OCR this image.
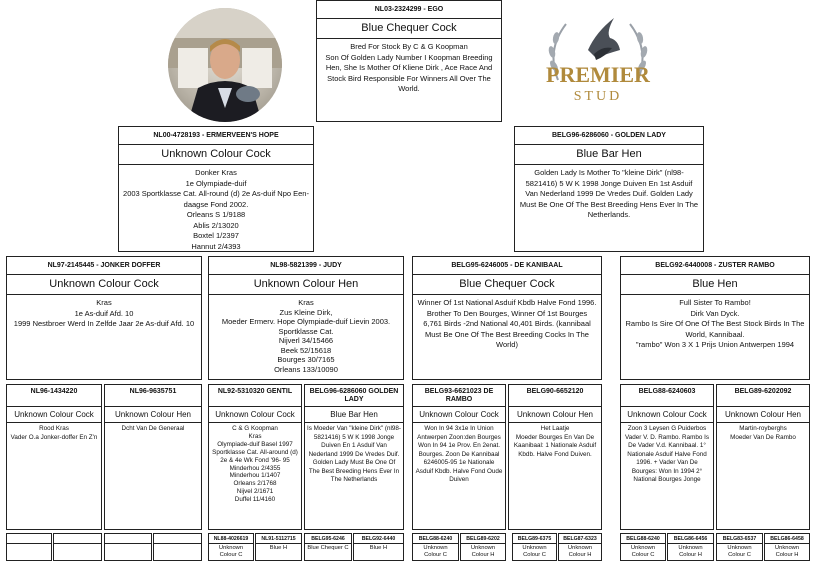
PREMIER
STUD
NL03-2324299 - EGO
Blue Chequer Cock
Bred For Stock By C & G Koopman
Son Of Golden Lady Number I Koopman Breeding Hen, She Is Mother Of Kliene Dirk , Ace Race And Stock Bird Responsible For Winners All Over The World.
NL00-4728193 - ERMERVEEN'S HOPE
Unknown Colour Cock
Donker Kras
1e Olympiade-duif
2003 Sportklasse Cat. All-round (d) 2e As-duif Npo Een-daagse Fond 2002.
Orleans S 1/9188
Ablis 2/13020
Boxtel 1/2397
Hannut 2/4393
BELG96-6286060 - GOLDEN LADY
Blue Bar Hen
Golden Lady Is Mother To "kleine Dirk" (nl98-5821416) 5 W K 1998 Jonge Duiven En 1st Asduif Van Nederland 1999 De Vredes Duif. Golden Lady Must Be One Of The Best Breeding Hens Ever In The Netherlands.
NL97-2145445 - JONKER DOFFER
Unknown Colour Cock
Kras
1e As-duif Afd. 10
1999 Nestbroer Werd In Zelfde Jaar 2e As-duif Afd. 10
NL98-5821399 - JUDY
Unknown Colour Hen
Kras
Zus Kleine Dirk,
Moeder Ermerv. Hope Olympiade-duif Lievin 2003. Sportklasse Cat.
Nijverl 34/15466
Beek 52/15618
Bourges 30/7165
Orleans 133/10090
BELG95-6246005 - DE KANIBAAL
Blue Chequer Cock
Winner Of 1st National Asduif Kbdb Halve Fond 1996. Brother To Den Bourges, Winner Of 1st Bourges 6,761 Birds -2nd National 40,401 Birds. (kannibaal Must Be One Of The Best Breeding Cocks In The World)
BELG92-6440008 - ZUSTER RAMBO
Blue Hen
Full Sister To Rambo!
Dirk Van Dyck.
Rambo Is Sire Of One Of The Best Stock Birds In The World, Kannibaal.
"rambo" Won 3 X 1 Prijs Union Antwerpen 1994
NL96-1434220
Unknown Colour Cock
Rood Kras
Vader O.a Jonker-doffer En Z'n
NL96-9635751
Unknown Colour Hen
Dcht Van De Generaal
NL92-5310320 GENTIL
Unknown Colour Cock
C & G Koopman
Kras
Olympiade-duif Basel 1997 Sportklasse Cat. All-around (d) 2e & 4e Wk Fond '96- 95
Minderhou 2/4355
Minderhou 1/1407
Orleans 2/1768
Nijvel 2/1671
Duffel 11/4160
BELG96-6286060 GOLDEN LADY
Blue Bar Hen
Is Moeder Van "kleine Dirk" (nl98-5821416) 5 W K 1998 Jonge Duiven En 1 Asduif Van Nederland 1999 De Vredes Duif. Golden Lady Must Be One Of The Best Breeding Hens Ever In The Netherlands
BELG93-6621023 DE RAMBO
Unknown Colour Cock
Won In 94 3x1e In Union Antwerpen Zoon:den Bourges Won In 94 1e Prov. En 2enat. Bourges. Zoon De Kannibaal 6246005-95 1e Nationale Asduif Kbdb. Halve Fond Oude Duiven
BELG90-6652120
Unknown Colour Hen
Het Laatje
Moeder Bourges En Van De Kaanibaal: 1 Nationale Asduif Kbdb. Halve Fond Duiven.
BELG88-6240603
Unknown Colour Cock
Zoon 3 Leysen G Puiderbos Vader V. D. Rambo. Rambo Is De Vader V.d. Kannibaal. 1° Nationale Asduif Halve Fond 1996. + Vader Van De Bourges: Won In 1994 2° National Bourges Jonge
BELG89-6202092
Unknown Colour Hen
Martin-royberghs
Moeder Van De Rambo
NL88-4026619
Unknown
Colour C
NL91-5112715
Blue H
BELG95-6246
Blue Chequer C
BELG92-6440
Blue H
BELG88-6240
Unknown
Colour C
BELG89-6202
Unknown
Colour H
BELG89-6375
Unknown
Colour C
BELG87-6323
Unknown
Colour H
BELG88-6240
Unknown
Colour C
BELG86-6456
Unknown
Colour H
BELG83-6537
Unknown
Colour C
BELG86-6458
Unknown
Colour H
